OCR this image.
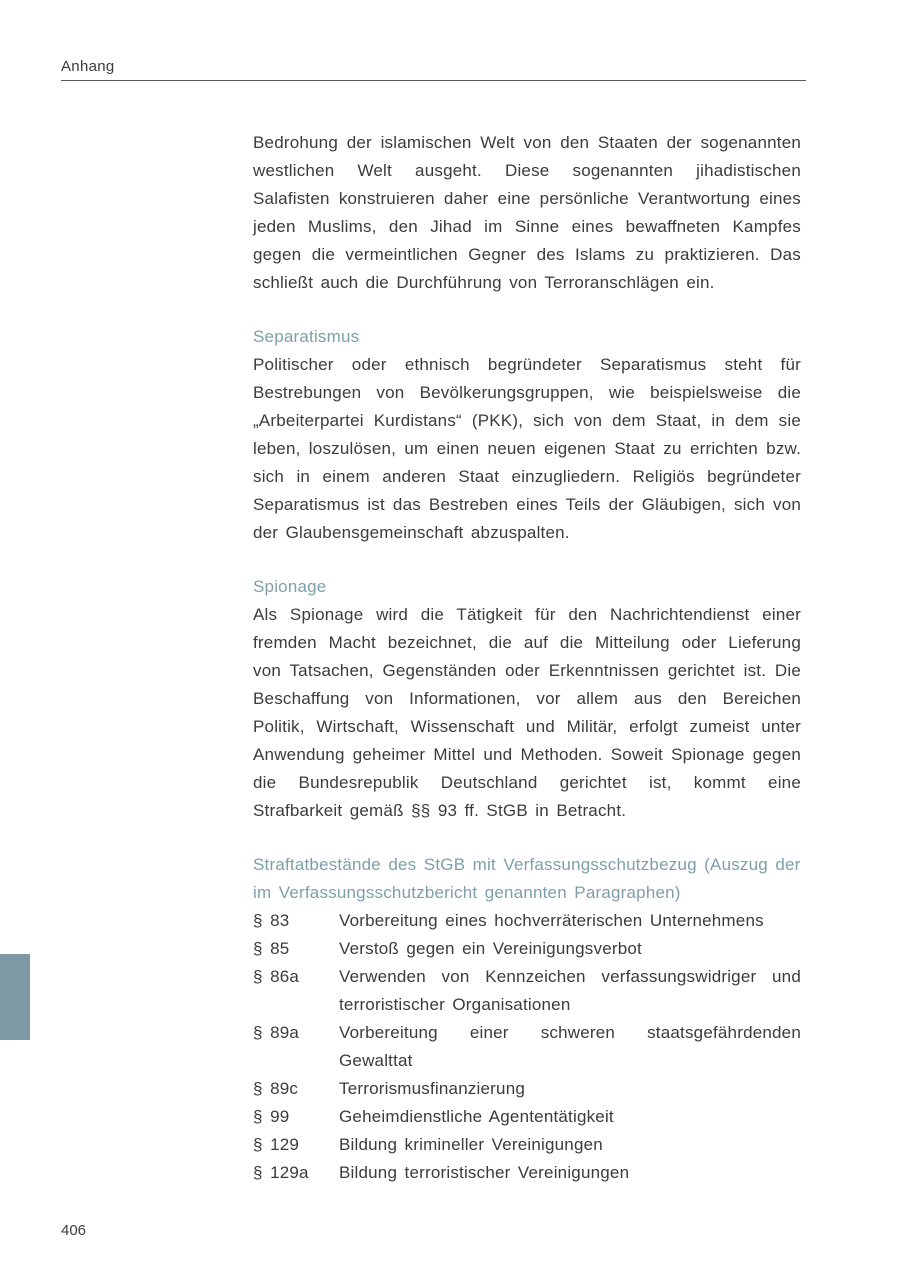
Anhang

Bedrohung der islamischen Welt von den Staaten der sogenannten westlichen Welt ausgeht. Diese sogenannten jihadistischen Salafisten konstruieren daher eine persönliche Verantwortung eines jeden Muslims, den Jihad im Sinne eines bewaffneten Kampfes gegen die vermeintlichen Gegner des Islams zu praktizieren. Das schließt auch die Durchführung von Terroranschlägen ein.

Separatismus

Politischer oder ethnisch begründeter Separatismus steht für Bestrebungen von Bevölkerungsgruppen, wie beispielsweise die „Arbeiterpartei Kurdistans“ (PKK), sich von dem Staat, in dem sie leben, loszulösen, um einen neuen eigenen Staat zu errichten bzw. sich in einem anderen Staat einzugliedern. Religiös begründeter Separatismus ist das Bestreben eines Teils der Gläubigen, sich von der Glaubensgemeinschaft abzuspalten.

Spionage

Als Spionage wird die Tätigkeit für den Nachrichtendienst einer fremden Macht bezeichnet, die auf die Mitteilung oder Lieferung von Tatsachen, Gegenständen oder Erkenntnissen gerichtet ist. Die Beschaffung von Informationen, vor allem aus den Bereichen Politik, Wirtschaft, Wissenschaft und Militär, erfolgt zumeist unter Anwendung geheimer Mittel und Methoden. Soweit Spionage gegen die Bundesrepublik Deutschland gerichtet ist, kommt eine Strafbarkeit gemäß §§ 93 ff. StGB in Betracht.

Straftatbestände des StGB mit Verfassungsschutzbezug (Auszug der im Verfassungsschutzbericht genannten Paragraphen)
§ 83	Vorbereitung eines hochverräterischen Unternehmens
§ 85	Verstoß gegen ein Vereinigungsverbot
§ 86a	Verwenden von Kennzeichen verfassungswidriger und terroristischer Organisationen
§ 89a	Vorbereitung einer schweren staatsgefährdenden Gewalttat
§ 89c	Terrorismusfinanzierung
§ 99	Geheimdienstliche Agententätigkeit
§ 129	Bildung krimineller Vereinigungen
§ 129a	Bildung terroristischer Vereinigungen
406
